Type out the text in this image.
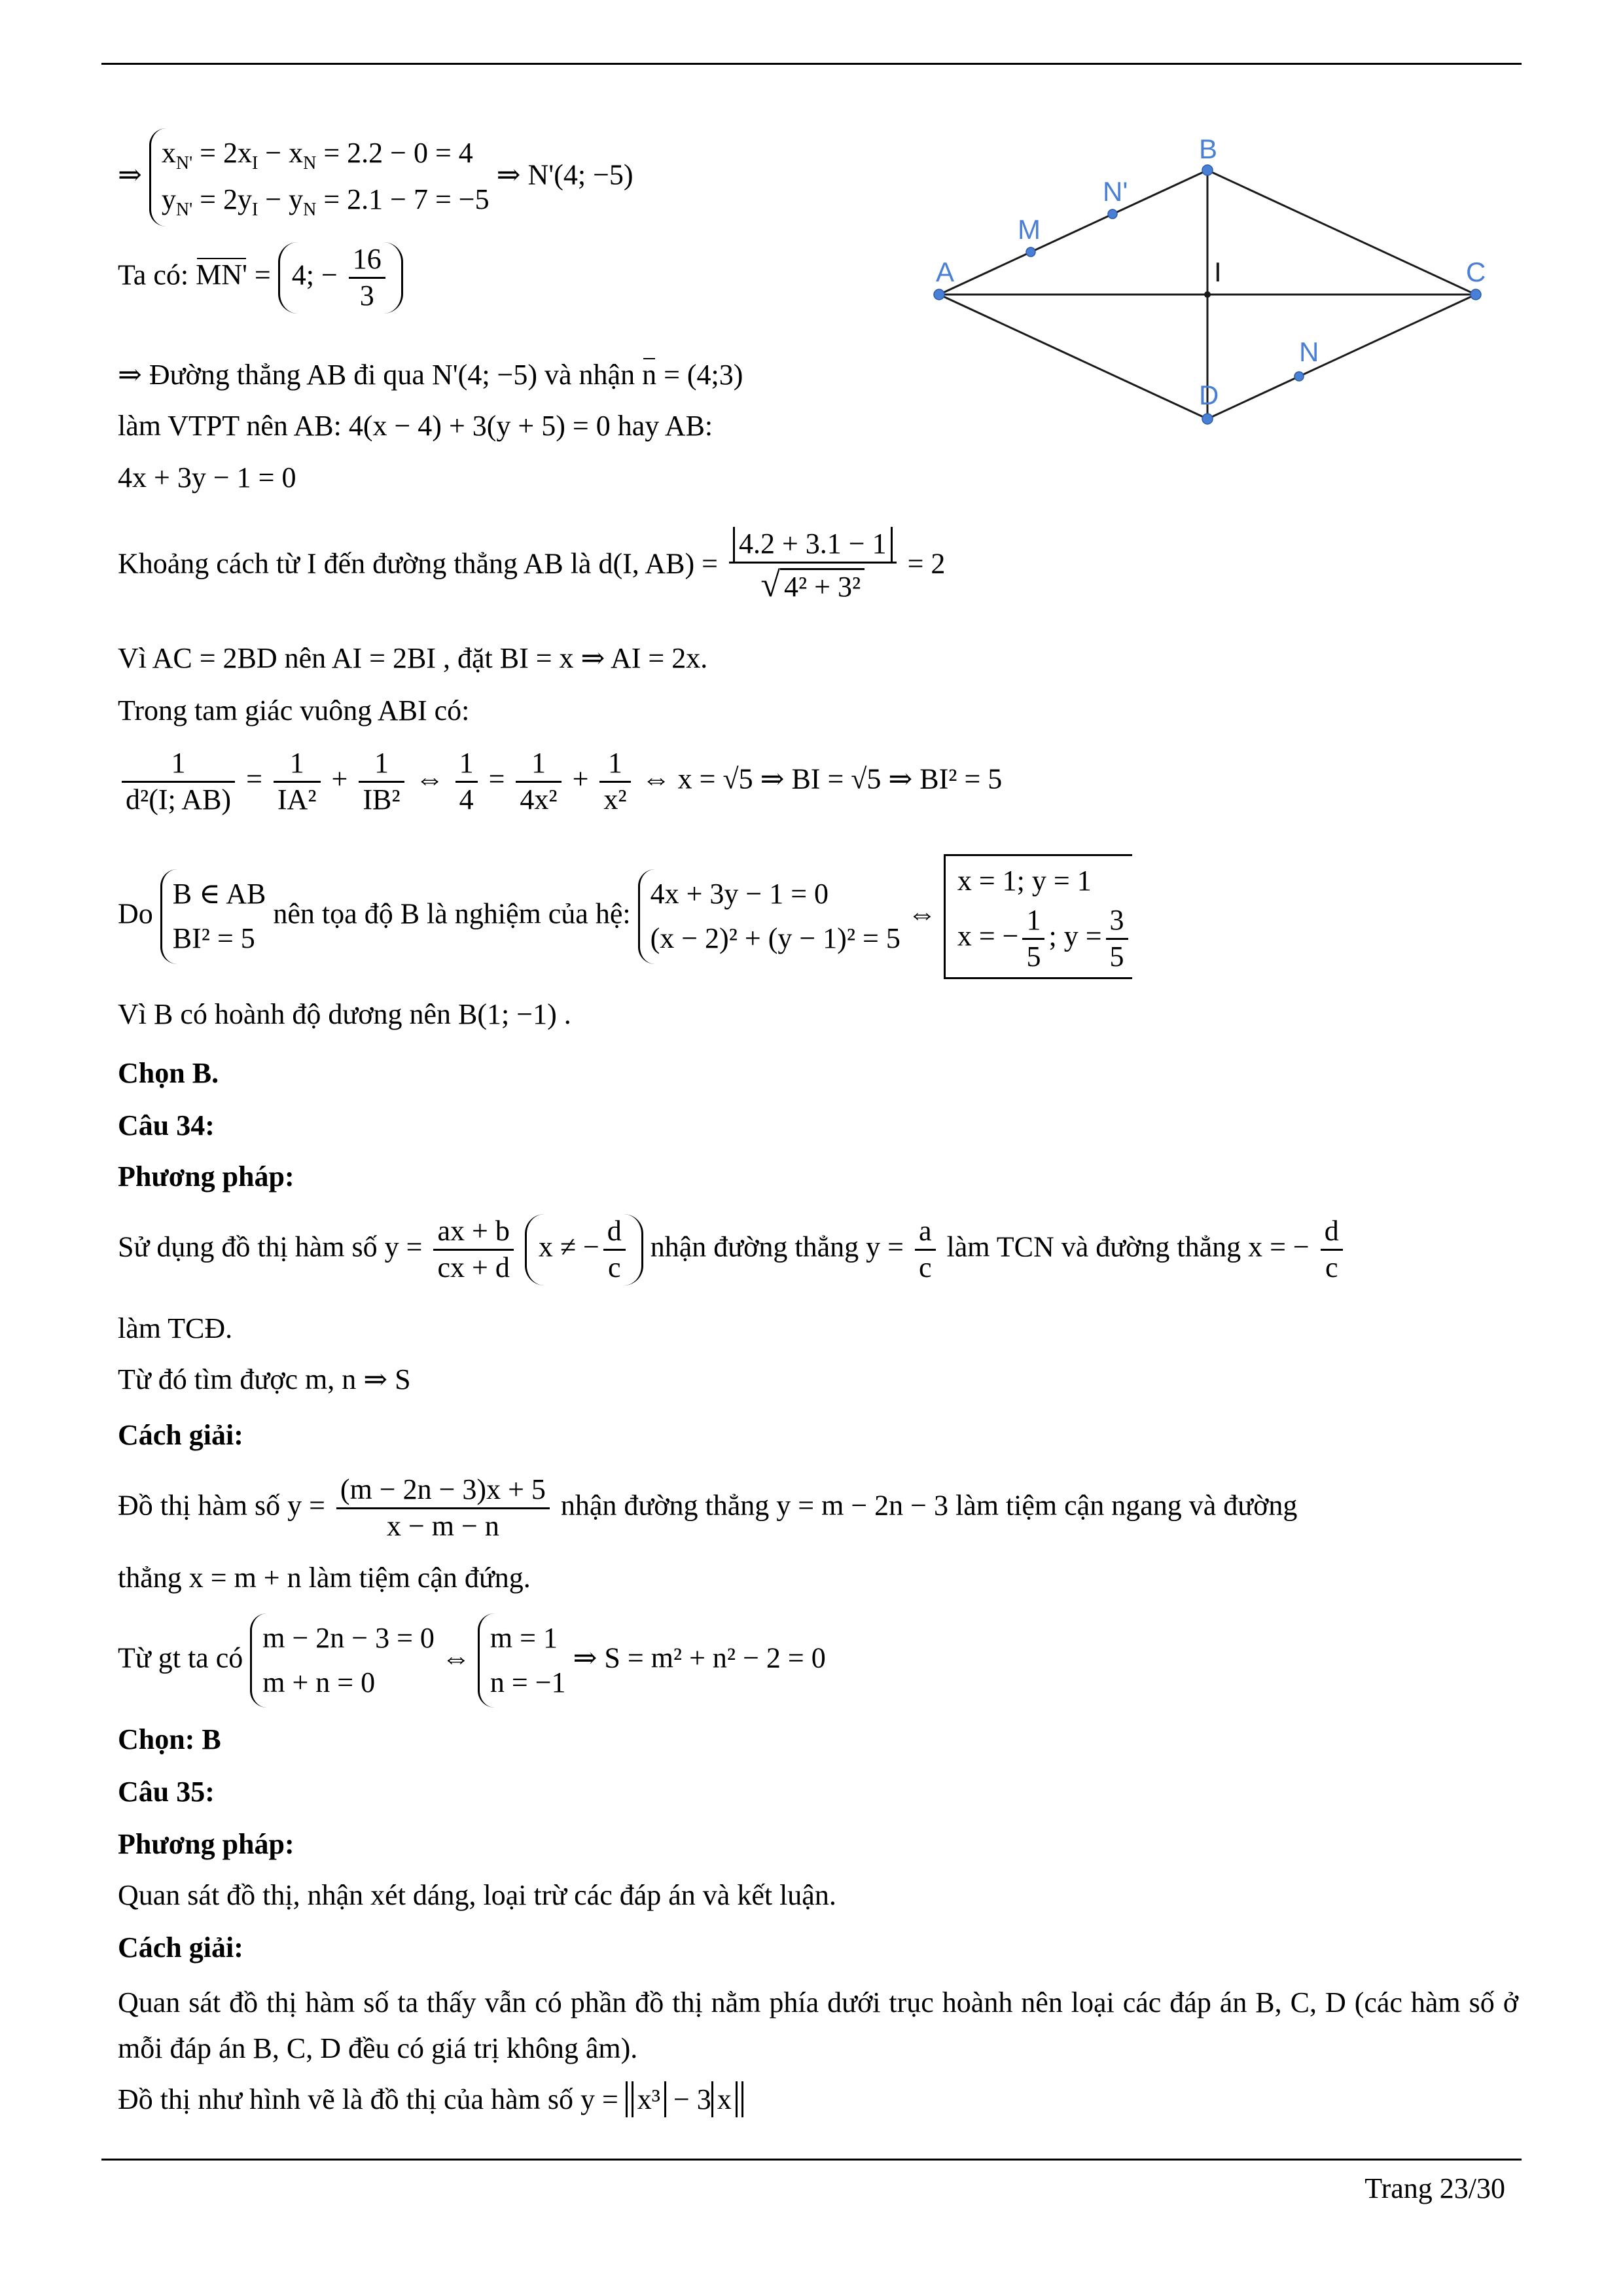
⇒
$x_{N'} = 2x_I - x_N = 2.2 - 0 = 4$
$y_{N'} = 2y_I - y_N = 2.1 - 7 = -5$
⇒ N'(4; −5)
Ta có: MN' = 4; − $\frac{16}{3}$
⇒ Đường thẳng AB đi qua N'(4; −5) và nhận n = (4;3)
làm VTPT nên AB: 4(x − 4) + 3(y + 5) = 0 hay AB:
4x + 3y − 1 = 0
Khoảng cách từ I đến đường thẳng AB là d(I, $AB) = \frac{4.2 + 3.1 - 1}{\text{√ 4² + 3²}} = 2$
Vì AC = 2BD nên AI = 2BI , đặt BI = x ⇒ AI = 2x.
Trong tam giác vuông ABI có:
$\frac{1}{\text{d²(I; AB)}} = \frac{1}{\text{IA²}} + \frac{1}{\text{IB²}}$ ⇔ $\frac{1}{4} = \frac{1}{\text{4x²}} + \frac{1}{\text{x²}}$ ⇔ x = √5 ⇒ BI = √5 ⇒ BI² = 5
Do
B ∈ AB
BI² = 5
nên tọa độ B là nghiệm của hệ:
4x + 3y − 1 = 0
(x − 2)² + (y − 1)² = 5
⇔
x = 1; y = 1
x = − $\frac{1}{5}$ ; $y = \frac{3}{5}$
Vì B có hoành độ dương nên B(1; −1) .
Chọn B.
Câu 34:
Phương pháp:
Sử dụng đồ thị hàm số $y = \frac{ax + b}{cx + d}$ x ≠ − $\frac{d}{c}$ nhận đường thẳng $y = \frac{a}{c}$ làm TCN và đường thẳng x = − $\frac{d}{c}$
làm TCĐ.
Từ đó tìm được m, n ⇒ S
Cách giải:
Đồ thị hàm số $y = \frac{(m - 2n - 3)x + 5}{x - m - n}$ nhận đường thẳng y = m − 2n − 3 làm tiệm cận ngang và đường
thẳng x = m + n làm tiệm cận đứng.
Từ gt ta có
m − 2n − 3 = 0
m + n = 0
⇔
m = 1
n = −1
⇒ S = m² + n² − 2 = 0
Chọn: B
Câu 35:
Phương pháp:
Quan sát đồ thị, nhận xét dáng, loại trừ các đáp án và kết luận.
Cách giải:
Quan sát đồ thị hàm số ta thấy vẫn có phần đồ thị nằm phía dưới trục hoành nên loại các đáp án B, C, D (các hàm số ở mỗi đáp án B, C, D đều có giá trị không âm).
Đồ thị như hình vẽ là đồ thị của hàm số y = x³ − 3 x
Trang 23/30
A
B
C
D
I
M
N'
N
